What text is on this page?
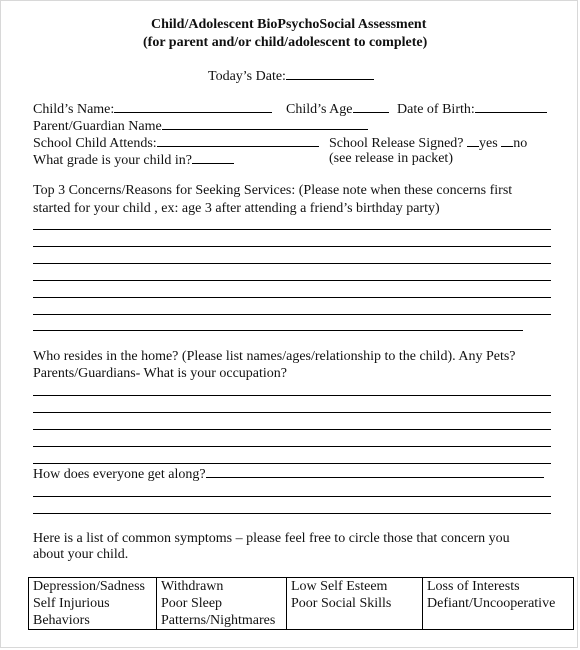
Child/Adolescent BioPsychoSocial Assessment
(for parent and/or child/adolescent to complete)
Today’s Date:
Child’s Name:	Child’s Age	Date of Birth:
Parent/Guardian Name
School Child Attends:	School Release Signed? yes no
What grade is your child in?	(see release in packet)
Top 3 Concerns/Reasons for Seeking Services: (Please note when these concerns first
started for your child , ex: age 3 after attending a friend’s birthday party)
Who resides in the home? (Please list names/ages/relationship to the child). Any Pets?
Parents/Guardians- What is your occupation?
How does everyone get along?
Here is a list of common symptoms – please feel free to circle those that concern you
about your child.
Depression/Sadness
Self Injurious
Behaviors

Withdrawn
Poor Sleep
Patterns/Nightmares

Low Self Esteem
Poor Social Skills

Loss of Interests
Defiant/Uncooperative
